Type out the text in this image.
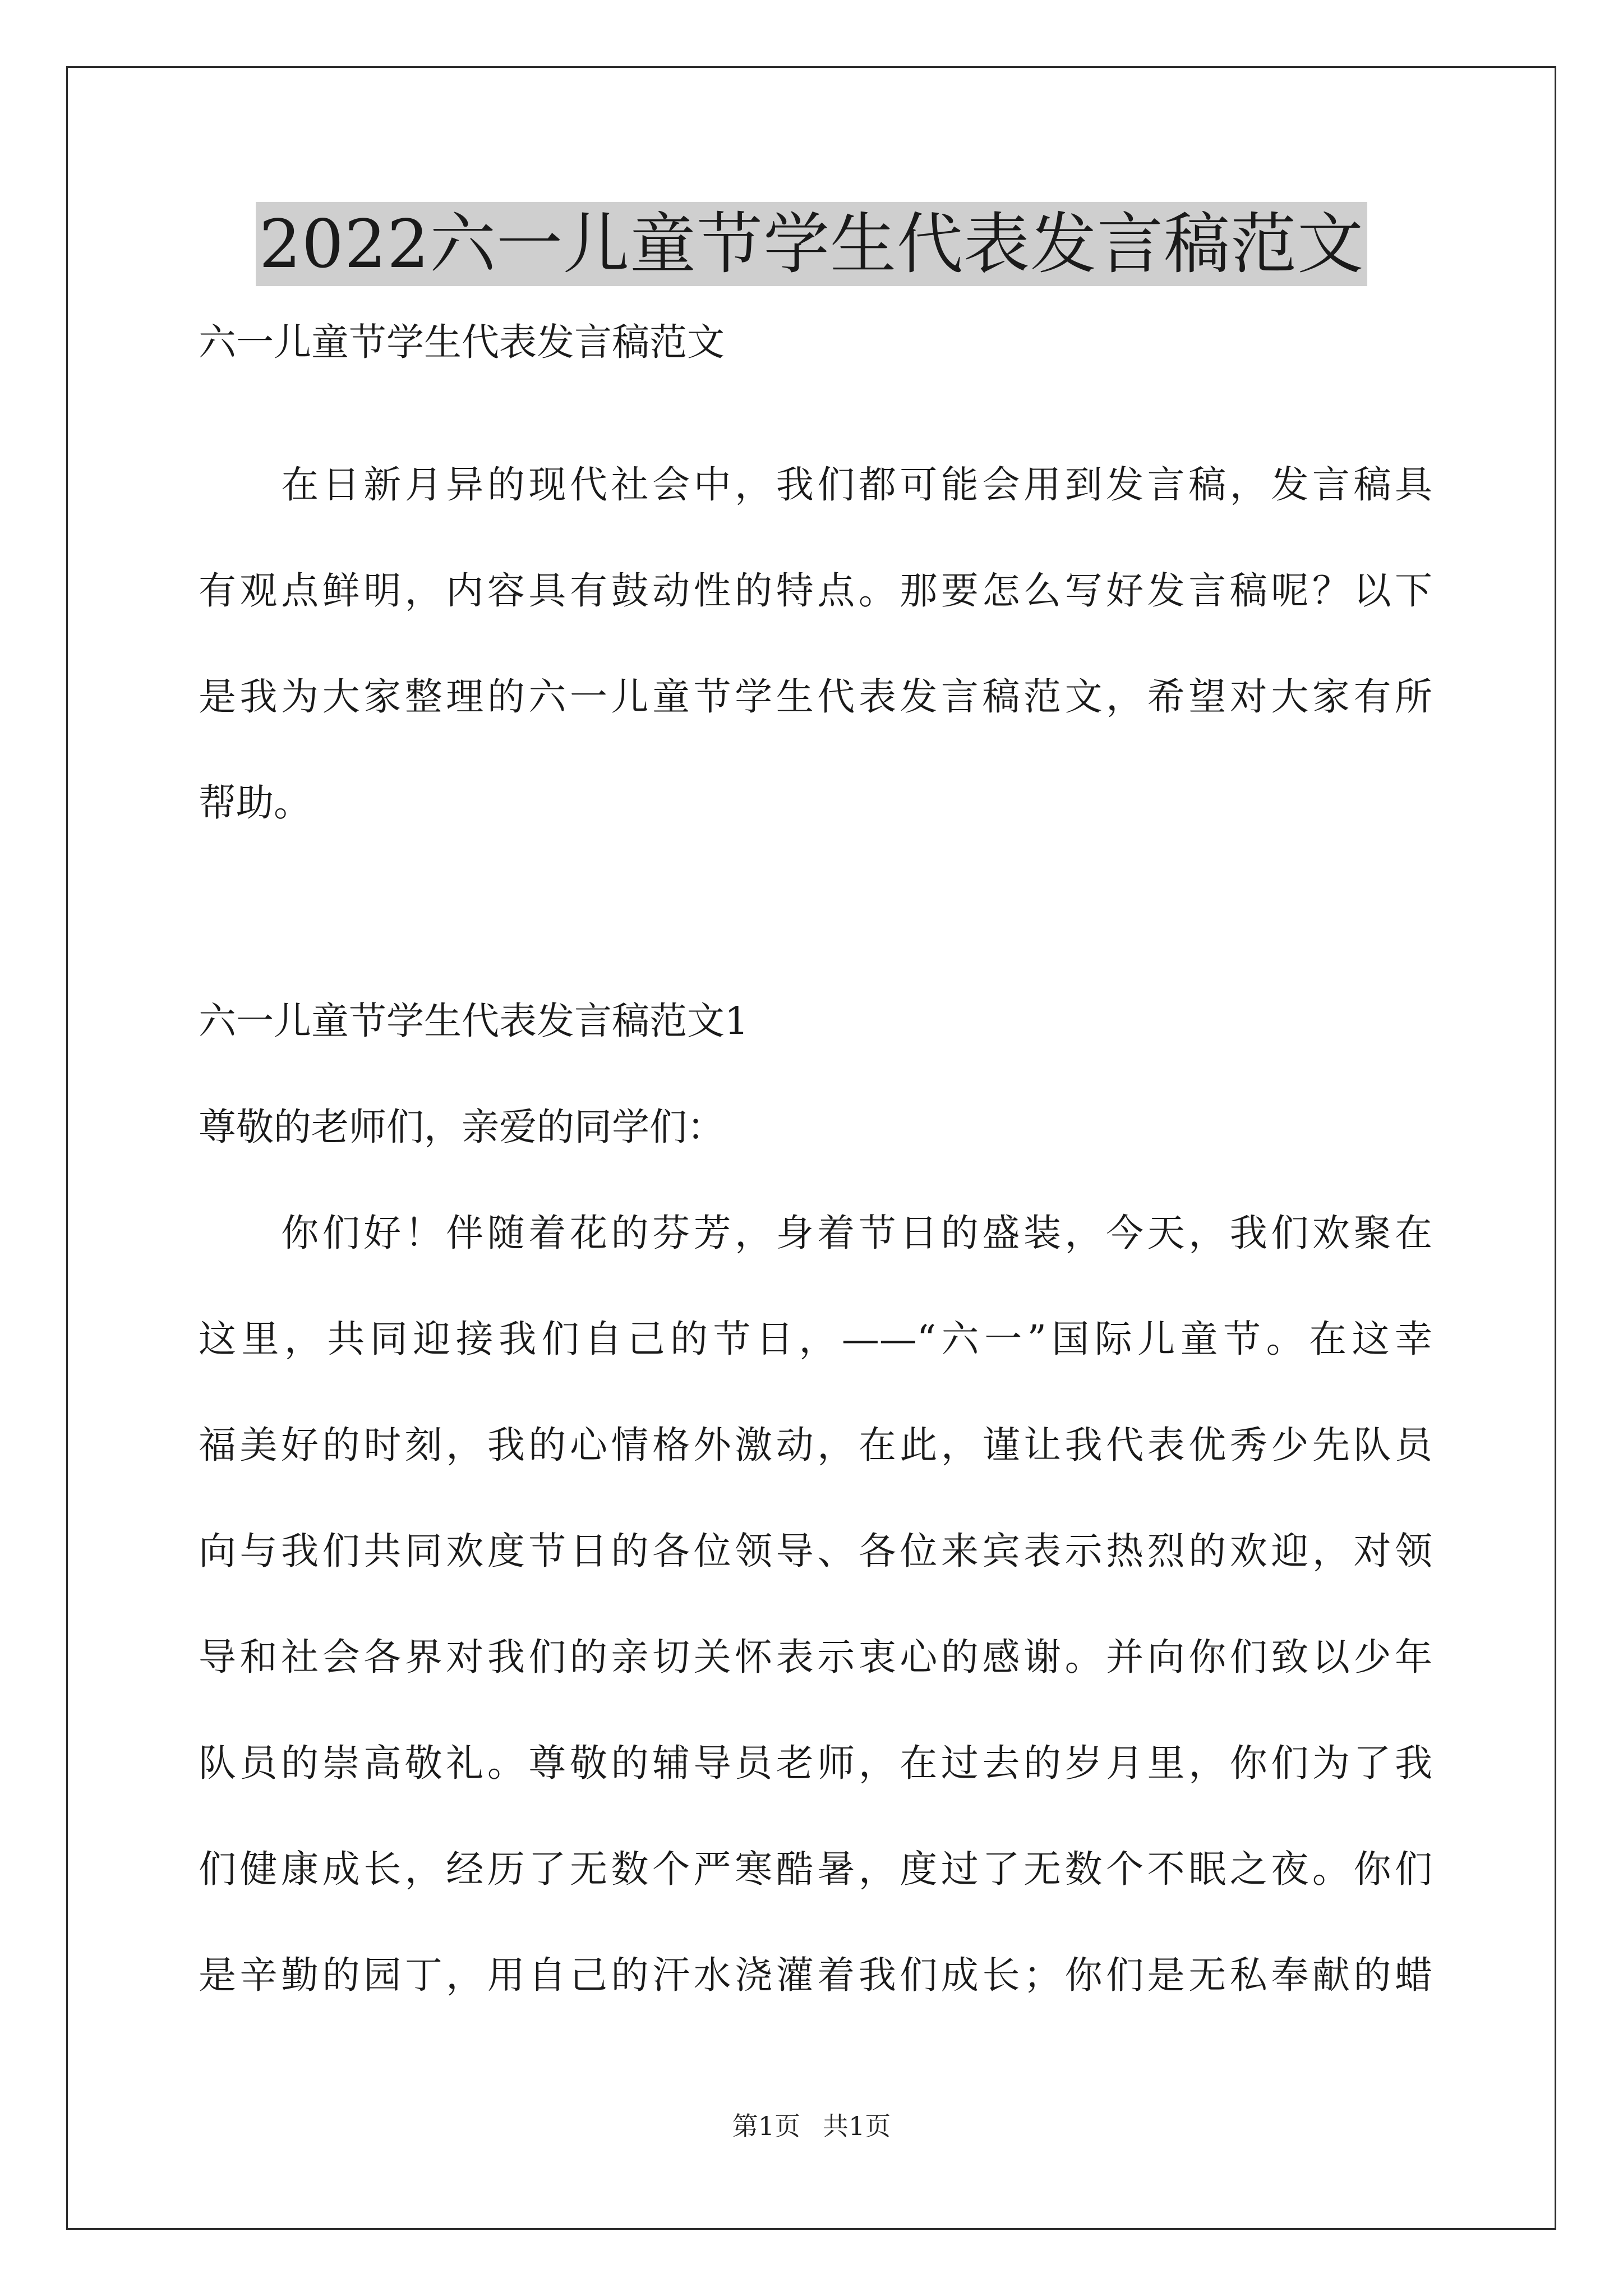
2022六一儿童节学生代表发言稿范文
六一儿童节学生代表发言稿范文
　　在日新月异的现代社会中，我们都可能会用到发言稿，发言稿具
有观点鲜明，内容具有鼓动性的特点。那要怎么写好发言稿呢？以下
是我为大家整理的六一儿童节学生代表发言稿范文，希望对大家有所
帮助。
六一儿童节学生代表发言稿范文1
尊敬的老师们，亲爱的同学们：
　　你们好！伴随着花的芬芳，身着节日的盛装，今天，我们欢聚在
这里，共同迎接我们自己的节日，——“六一”国际儿童节。在这幸
福美好的时刻，我的心情格外激动，在此，谨让我代表优秀少先队员
向与我们共同欢度节日的各位领导、各位来宾表示热烈的欢迎，对领
导和社会各界对我们的亲切关怀表示衷心的感谢。并向你们致以少年
队员的崇高敬礼。尊敬的辅导员老师，在过去的岁月里，你们为了我
们健康成长，经历了无数个严寒酷暑，度过了无数个不眠之夜。你们
是辛勤的园丁，用自己的汗水浇灌着我们成长；你们是无私奉献的蜡
第1页 共1页
